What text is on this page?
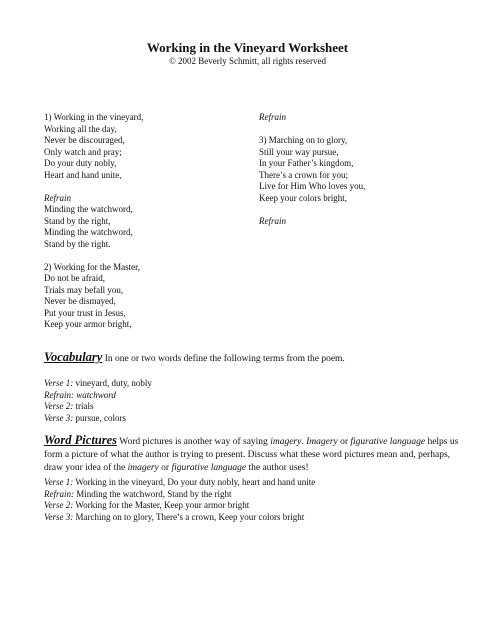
Working in the Vineyard Worksheet
© 2002 Beverly Schmitt, all rights reserved
1) Working in the vineyard,
Working all the day,
Never be discouraged,
Only watch and pray;
Do your duty nobly,
Heart and hand unite,
Refrain
Minding the watchword,
Stand by the right,
Minding the watchword,
Stand by the right.
2) Working for the Master,
Do not be afraid,
Trials may befall you,
Never be dismayed,
Put your trust in Jesus,
Keep your armor bright,
Refrain
3) Marching on to glory,
Still your way pursue,
In your Father’s kingdom,
There’s a crown for you;
Live for Him Who loves you,
Keep your colors bright,
Refrain
Vocabulary In one or two words define the following terms from the poem.
Verse 1: vineyard, duty, nobly
Refrain: watchword
Verse 2: trials
Verse 3: pursue, colors
Word Pictures Word pictures is another way of saying imagery. Imagery or figurative language helps us form a picture of what the author is trying to present. Discuss what these word pictures mean and, perhaps, draw your idea of the imagery or figurative language the author uses!
Verse 1: Working in the vineyard, Do your duty nobly, heart and hand unite
Refrain: Minding the watchword, Stand by the right
Verse 2: Working for the Master, Keep your armor bright
Verse 3: Marching on to glory, There’s a crown, Keep your colors bright
